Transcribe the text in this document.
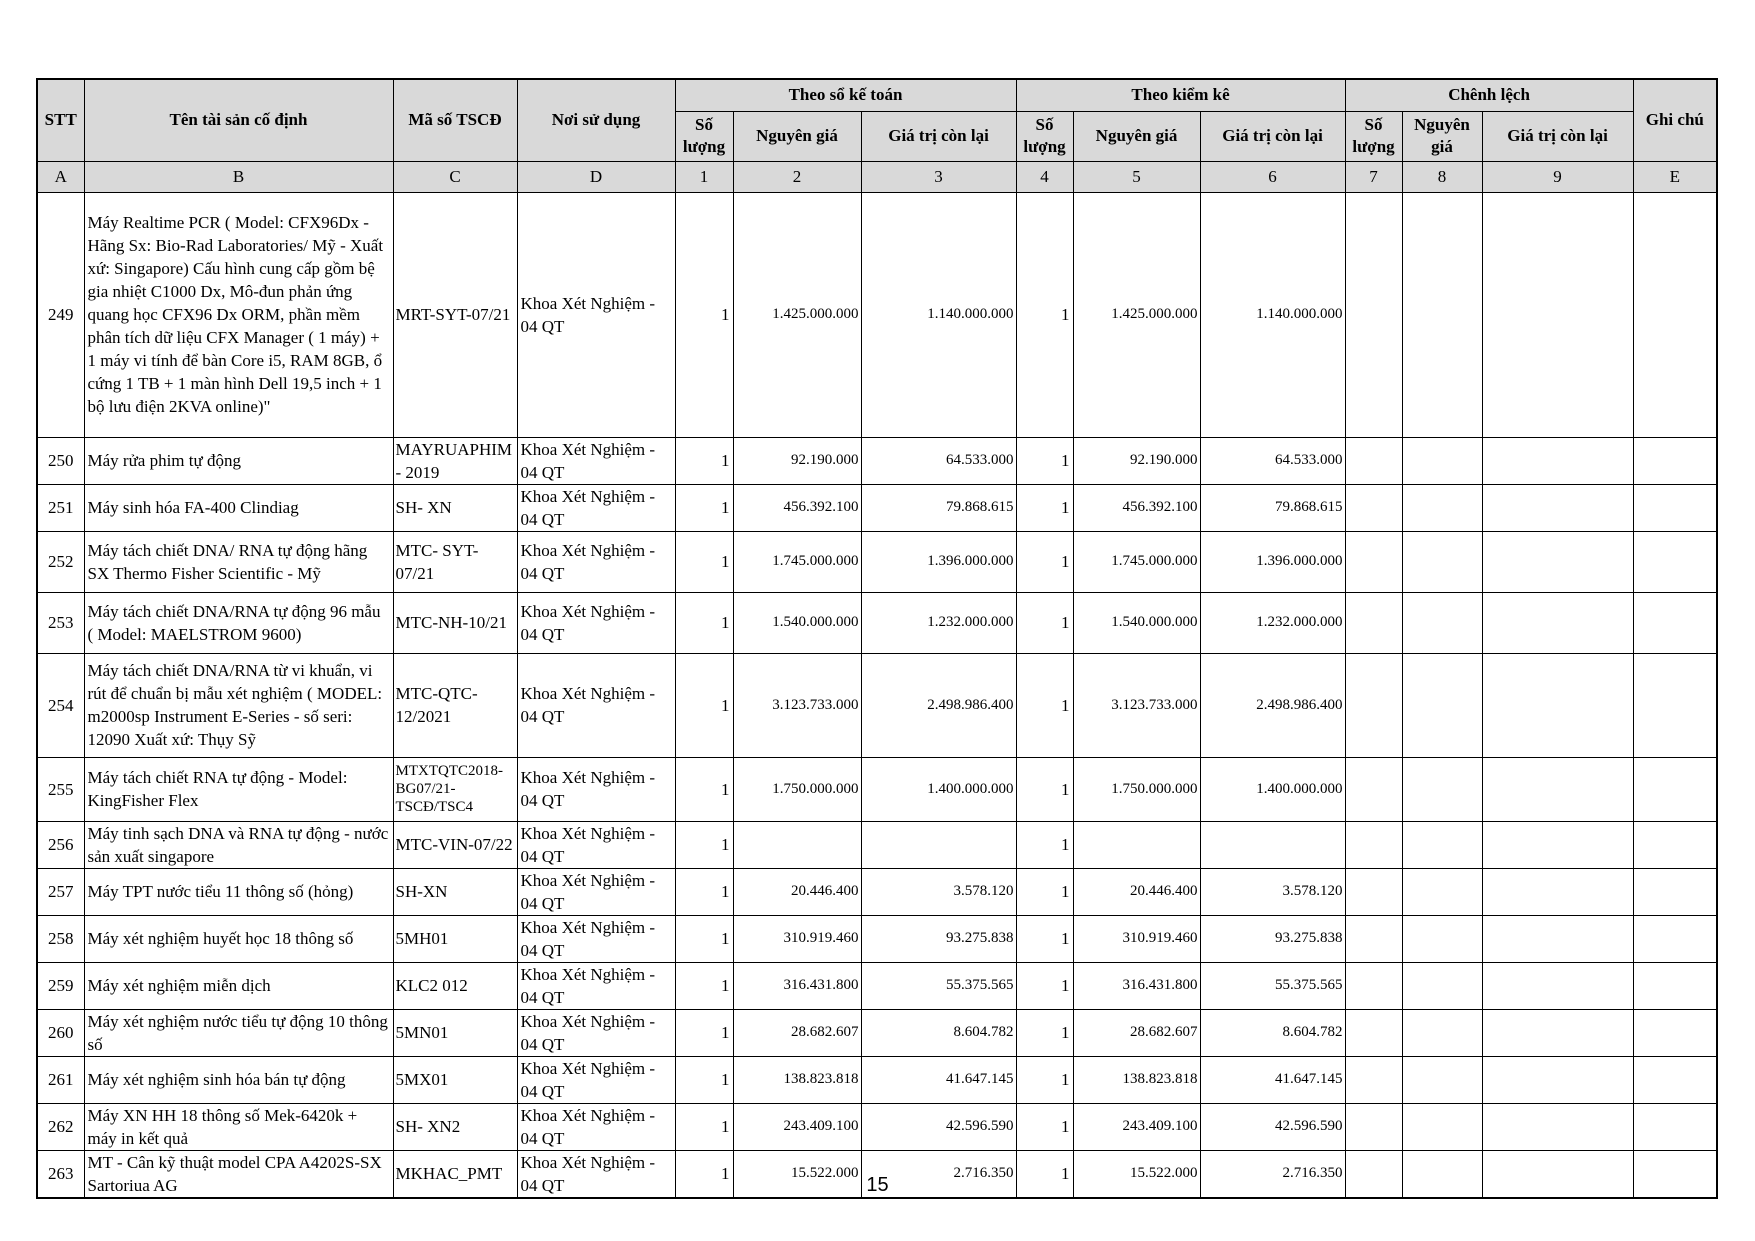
STT	Tên tài sản cố định	Mã số TSCĐ	Nơi sử dụng	Theo sổ kế toán			Theo kiểm kê			Chênh lệch			Ghi chú
				Số lượng	Nguyên giá	Giá trị còn lại	Số lượng	Nguyên giá	Giá trị còn lại	Số lượng	Nguyên giá	Giá trị còn lại	
A	B	C	D	1	2	3	4	5	6	7	8	9	E
249	Máy Realtime PCR ( Model: CFX96Dx - Hãng Sx: Bio-Rad Laboratories/ Mỹ - Xuất xứ: Singapore) Cấu hình cung cấp gồm bệ gia nhiệt C1000 Dx, Mô-đun phản ứng quang học CFX96 Dx ORM, phần mềm phân tích dữ liệu CFX Manager ( 1 máy) + 1 máy vi tính để bàn Core i5, RAM 8GB, ổ cứng 1 TB + 1 màn hình Dell 19,5 inch + 1 bộ lưu điện 2KVA online)"	MRT-SYT-07/21	Khoa Xét Nghiệm - 04 QT	1	1.425.000.000	1.140.000.000	1	1.425.000.000	1.140.000.000				
250	Máy rửa phim tự động	MAYRUAPHIM - 2019	Khoa Xét Nghiệm - 04 QT	1	92.190.000	64.533.000	1	92.190.000	64.533.000				
251	Máy sinh hóa FA-400 Clindiag	SH- XN	Khoa Xét Nghiệm - 04 QT	1	456.392.100	79.868.615	1	456.392.100	79.868.615				
252	Máy tách chiết DNA/ RNA tự động hãng SX Thermo Fisher Scientific - Mỹ	MTC- SYT-07/21	Khoa Xét Nghiệm - 04 QT	1	1.745.000.000	1.396.000.000	1	1.745.000.000	1.396.000.000				
253	Máy tách chiết DNA/RNA tự động 96 mẫu ( Model: MAELSTROM 9600)	MTC-NH-10/21	Khoa Xét Nghiệm - 04 QT	1	1.540.000.000	1.232.000.000	1	1.540.000.000	1.232.000.000				
254	Máy tách chiết DNA/RNA từ vi khuẩn, vi rút để chuẩn bị mẫu xét nghiệm ( MODEL: m2000sp Instrument E-Series - số seri: 12090 Xuất xứ: Thụy Sỹ	MTC-QTC-12/2021	Khoa Xét Nghiệm - 04 QT	1	3.123.733.000	2.498.986.400	1	3.123.733.000	2.498.986.400				
255	Máy tách chiết RNA tự động - Model: KingFisher Flex	MTXTQTC2018-BG07/21-TSCĐ/TSC4	Khoa Xét Nghiệm - 04 QT	1	1.750.000.000	1.400.000.000	1	1.750.000.000	1.400.000.000				
256	Máy tinh sạch DNA và RNA tự động - nước sản xuất singapore	MTC-VIN-07/22	Khoa Xét Nghiệm - 04 QT	1			1						
257	Máy TPT nước tiểu 11 thông số (hỏng)	SH-XN	Khoa Xét Nghiệm - 04 QT	1	20.446.400	3.578.120	1	20.446.400	3.578.120				
258	Máy xét nghiệm huyết học 18 thông số	5MH01	Khoa Xét Nghiệm - 04 QT	1	310.919.460	93.275.838	1	310.919.460	93.275.838				
259	Máy xét nghiệm miễn dịch	KLC2 012	Khoa Xét Nghiệm - 04 QT	1	316.431.800	55.375.565	1	316.431.800	55.375.565				
260	Máy xét nghiệm nước tiểu tự động 10 thông số	5MN01	Khoa Xét Nghiệm - 04 QT	1	28.682.607	8.604.782	1	28.682.607	8.604.782				
261	Máy xét nghiệm sinh hóa bán tự động	5MX01	Khoa Xét Nghiệm - 04 QT	1	138.823.818	41.647.145	1	138.823.818	41.647.145				
262	Máy XN HH 18 thông số Mek-6420k + máy in kết quả	SH- XN2	Khoa Xét Nghiệm - 04 QT	1	243.409.100	42.596.590	1	243.409.100	42.596.590				
263	MT - Cân kỹ thuật model CPA A4202S-SX Sartoriua AG	MKHAC_PMT	Khoa Xét Nghiệm - 04 QT	1	15.522.000	2.716.350	1	15.522.000	2.716.350				
15
